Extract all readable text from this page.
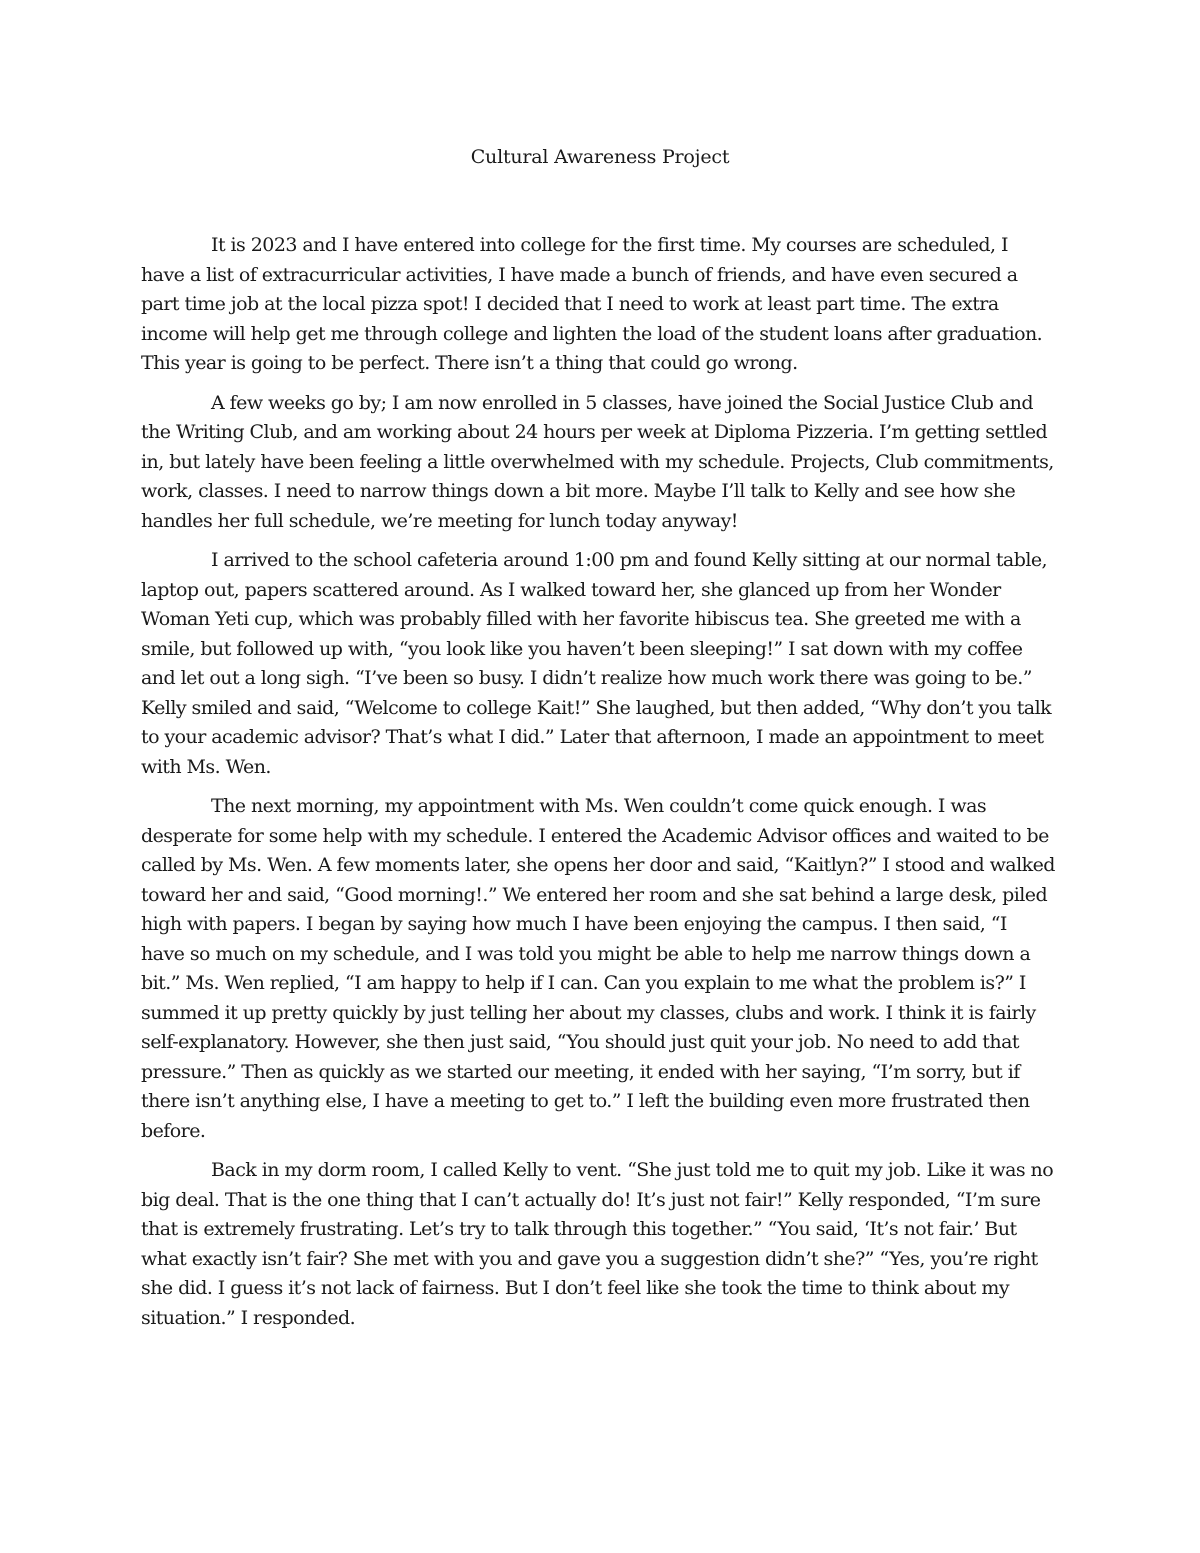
Cultural Awareness Project

It is 2023 and I have entered into college for the first time. My courses are scheduled, I have a list of extracurricular activities, I have made a bunch of friends, and have even secured a part time job at the local pizza spot! I decided that I need to work at least part time. The extra income will help get me through college and lighten the load of the student loans after graduation. This year is going to be perfect. There isn’t a thing that could go wrong.

A few weeks go by; I am now enrolled in 5 classes, have joined the Social Justice Club and the Writing Club, and am working about 24 hours per week at Diploma Pizzeria. I’m getting settled in, but lately have been feeling a little overwhelmed with my schedule. Projects, Club commitments, work, classes. I need to narrow things down a bit more. Maybe I’ll talk to Kelly and see how she handles her full schedule, we’re meeting for lunch today anyway!

I arrived to the school cafeteria around 1:00 pm and found Kelly sitting at our normal table, laptop out, papers scattered around. As I walked toward her, she glanced up from her Wonder Woman Yeti cup, which was probably filled with her favorite hibiscus tea. She greeted me with a smile, but followed up with, “you look like you haven’t been sleeping!” I sat down with my coffee and let out a long sigh. “I’ve been so busy. I didn’t realize how much work there was going to be.” Kelly smiled and said, “Welcome to college Kait!” She laughed, but then added, “Why don’t you talk to your academic advisor? That’s what I did.” Later that afternoon, I made an appointment to meet with Ms. Wen.

The next morning, my appointment with Ms. Wen couldn’t come quick enough. I was desperate for some help with my schedule. I entered the Academic Advisor offices and waited to be called by Ms. Wen. A few moments later, she opens her door and said, “Kaitlyn?” I stood and walked toward her and said, “Good morning!.” We entered her room and she sat behind a large desk, piled high with papers. I began by saying how much I have been enjoying the campus. I then said, “I have so much on my schedule, and I was told you might be able to help me narrow things down a bit.” Ms. Wen replied, “I am happy to help if I can. Can you explain to me what the problem is?” I summed it up pretty quickly by just telling her about my classes, clubs and work. I think it is fairly self-explanatory. However, she then just said, “You should just quit your job. No need to add that pressure.” Then as quickly as we started our meeting, it ended with her saying, “I’m sorry, but if there isn’t anything else, I have a meeting to get to.” I left the building even more frustrated then before.

Back in my dorm room, I called Kelly to vent. “She just told me to quit my job. Like it was no big deal. That is the one thing that I can’t actually do! It’s just not fair!” Kelly responded, “I’m sure that is extremely frustrating. Let’s try to talk through this together.” “You said, ‘It’s not fair.’ But what exactly isn’t fair? She met with you and gave you a suggestion didn’t she?” “Yes, you’re right she did. I guess it’s not lack of fairness. But I don’t feel like she took the time to think about my situation.” I responded.
